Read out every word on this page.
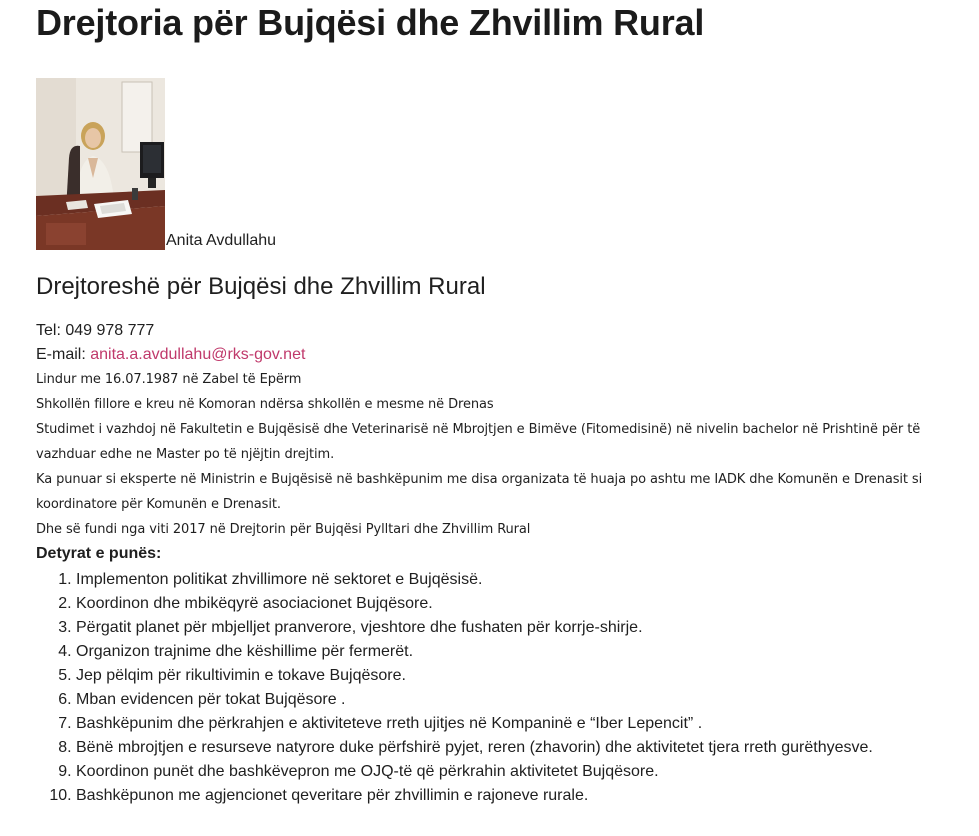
Drejtoria për Bujqësi dhe Zhvillim Rural
Anita Avdullahu
Drejtoreshë për Bujqësi dhe Zhvillim Rural
Tel: 049 978 777
E-mail: anita.a.avdullahu@rks-gov.net

Lindur me 16.07.1987 në Zabel të Epërm

Shkollën fillore e kreu në Komoran ndërsa shkollën e mesme në Drenas

Studimet i vazhdoj në Fakultetin e Bujqësisë dhe Veterinarisë në Mbrojtjen e Bimëve (Fitomedisinë) në nivelin bachelor në Prishtinë për të vazhduar edhe ne Master po të njëjtin drejtim.

Ka punuar si eksperte në Ministrin e Bujqësisë në bashkëpunim me disa organizata të huaja po ashtu me IADK dhe Komunën e Drenasit si koordinatore për Komunën e Drenasit.

Dhe së fundi nga viti 2017 në Drejtorin për Bujqësi Pylltari dhe Zhvillim Rural

Detyrat e punës:
1. Implementon politikat zhvillimore në sektoret e Bujqësisë.
2. Koordinon dhe mbikëqyrë asociacionet Bujqësore.
3. Përgatit planet për mbjelljet pranverore, vjeshtore dhe fushaten për korrje-shirje.
4. Organizon trajnime dhe këshillime për fermerët.
5. Jep pëlqim për rikultivimin e tokave Bujqësore.
6. Mban evidencen për tokat Bujqësore .
7. Bashkëpunim dhe përkrahjen e aktiviteteve rreth ujitjes në Kompaninë e “Iber Lepencit” .
8. Bënë mbrojtjen e resurseve natyrore duke përfshirë pyjet, reren (zhavorin) dhe aktivitetet tjera rreth gurëthyesve.
9. Koordinon punët dhe bashkëvepron me OJQ-të që përkrahin aktivitetet Bujqësore.
10. Bashkëpunon me agjencionet qeveritare për zhvillimin e rajoneve rurale.
